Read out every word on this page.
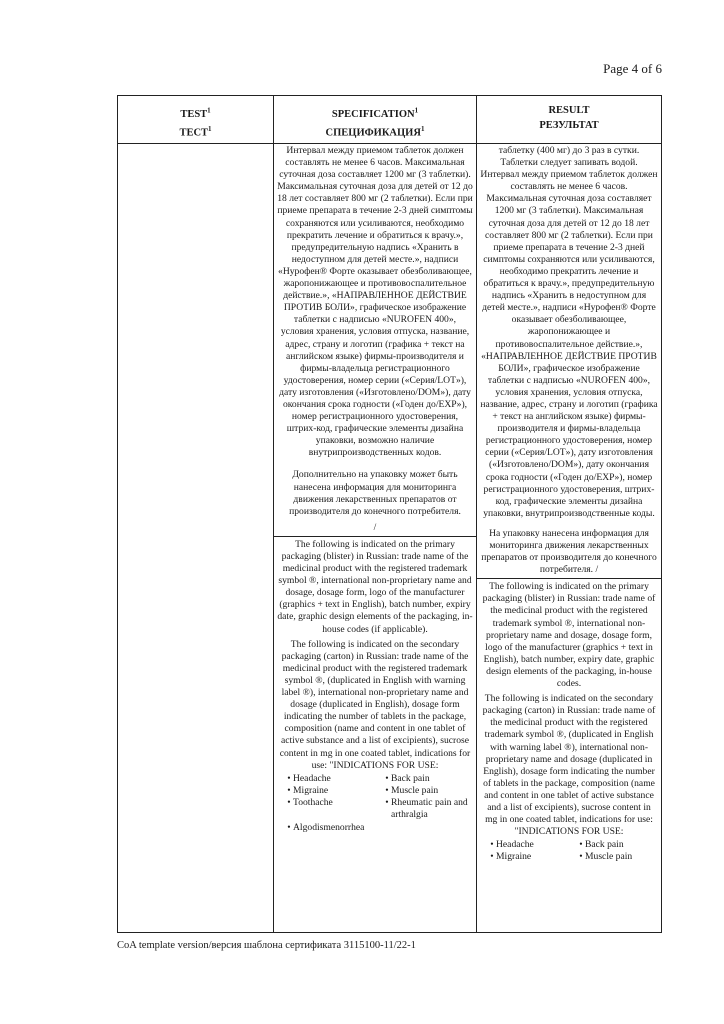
Page 4 of 6
TEST$^1$
ТЕСТ$^1$
SPECIFICATION$^1$
СПЕЦИФИКАЦИЯ$^1$
RESULT
РЕЗУЛЬТАТ

Интервал между приемом таблеток должен составлять не менее 6 часов. Максимальная суточная доза составляет 1200 мг (3 таблетки). Максимальная суточная доза для детей от 12 до 18 лет составляет 800 мг (2 таблетки). Если при приеме препарата в течение 2-3 дней симптомы сохраняются или усиливаются, необходимо прекратить лечение и обратиться к врачу.», предупредительную надпись «Хранить в недоступном для детей месте.», надписи «Нурофен® Форте оказывает обезболивающее, жаропонижающее и противовоспалительное действие.», «НАПРАВЛЕННОЕ ДЕЙСТВИЕ ПРОТИВ БОЛИ», графическое изображение таблетки с надписью «NUROFEN 400», условия хранения, условия отпуска, название, адрес, страну и логотип (графика + текст на английском языке) фирмы-производителя и фирмы-владельца регистрационного удостоверения, номер серии («Серия/LOT»), дату изготовления («Изготовлено/DOM»), дату окончания срока годности («Годен до/EXP»), номер регистрационного удостоверения, штрих-код, графические элементы дизайна упаковки, возможно наличие внутрипроизводственных кодов.

Дополнительно на упаковку может быть нанесена информация для мониторинга движения лекарственных препаратов от производителя до конечного потребителя.

/

The following is indicated on the primary packaging (blister) in Russian: trade name of the medicinal product with the registered trademark symbol ®, international non-proprietary name and dosage, dosage form, logo of the manufacturer (graphics + text in English), batch number, expiry date, graphic design elements of the packaging, in-house codes (if applicable).

The following is indicated on the secondary packaging (carton) in Russian: trade name of the medicinal product with the registered trademark symbol ®, (duplicated in English with warning label ®), international non-proprietary name and dosage (duplicated in English), dosage form indicating the number of tablets in the package, composition (name and content in one tablet of active substance and a list of excipients), sucrose content in mg in one coated tablet, indications for use: "INDICATIONS FOR USE:

• Headache
• Migraine
• Toothache
• Back pain
• Muscle pain
• Rheumatic pain and arthralgia
• Algodismenorrhea

таблетку (400 мг) до 3 раз в сутки. Таблетки следует запивать водой. Интервал между приемом таблеток должен составлять не менее 6 часов. Максимальная суточная доза составляет 1200 мг (3 таблетки). Максимальная суточная доза для детей от 12 до 18 лет составляет 800 мг (2 таблетки). Если при приеме препарата в течение 2-3 дней симптомы сохраняются или усиливаются, необходимо прекратить лечение и обратиться к врачу.», предупредительную надпись «Хранить в недоступном для детей месте.», надписи «Нурофен® Форте оказывает обезболивающее, жаропонижающее и противовоспалительное действие.», «НАПРАВЛЕННОЕ ДЕЙСТВИЕ ПРОТИВ БОЛИ», графическое изображение таблетки с надписью «NUROFEN 400», условия хранения, условия отпуска, название, адрес, страну и логотип (графика + текст на английском языке) фирмы-производителя и фирмы-владельца регистрационного удостоверения, номер серии («Серия/LOT»), дату изготовления («Изготовлено/DOM»), дату окончания срока годности («Годен до/EXP»), номер регистрационного удостоверения, штрих-код, графические элементы дизайна упаковки, внутрипроизводственные коды.

На упаковку нанесена информация для мониторинга движения лекарственных препаратов от производителя до конечного потребителя. /

The following is indicated on the primary packaging (blister) in Russian: trade name of the medicinal product with the registered trademark symbol ®, international non-proprietary name and dosage, dosage form, logo of the manufacturer (graphics + text in English), batch number, expiry date, graphic design elements of the packaging, in-house codes.

The following is indicated on the secondary packaging (carton) in Russian: trade name of the medicinal product with the registered trademark symbol ®, (duplicated in English with warning label ®), international non-proprietary name and dosage (duplicated in English), dosage form indicating the number of tablets in the package, composition (name and content in one tablet of active substance and a list of excipients), sucrose content in mg in one coated tablet, indications for use: "INDICATIONS FOR USE:

• Headache
• Migraine
• Back pain
• Muscle pain
CoA template version/версия шаблона сертификата 3115100-11/22-1
